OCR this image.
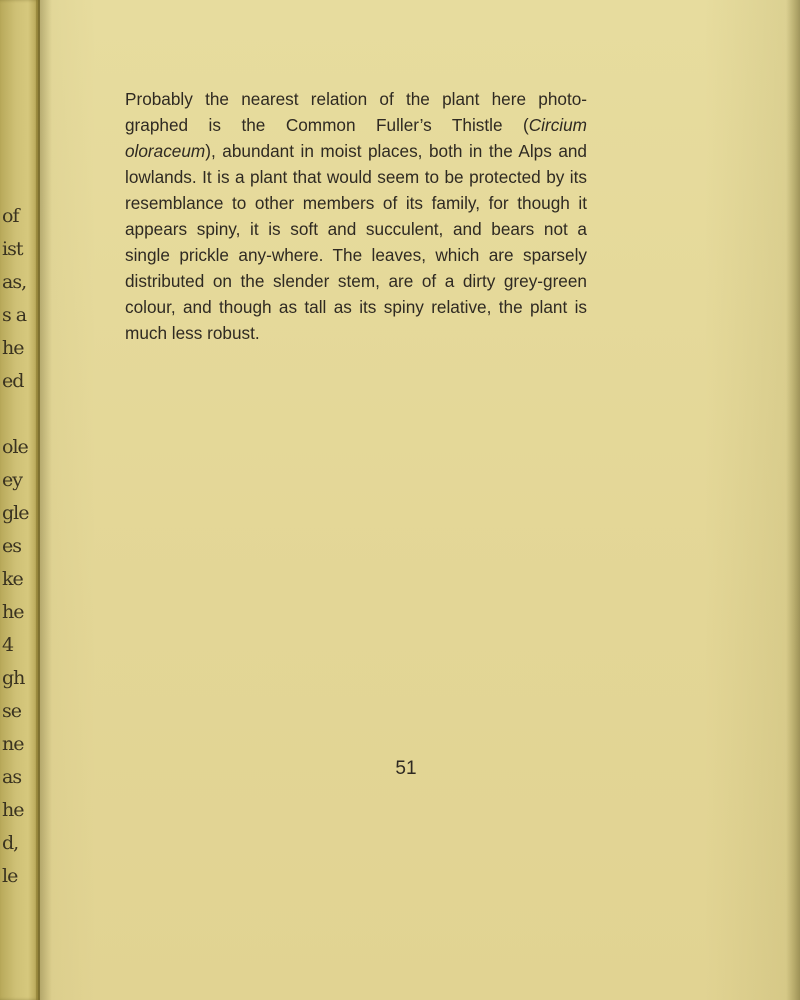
of
ist
as,
s a
he
ed
ole
ey
gle
es
ke
he
4
gh
se
ne
as
he
d,
le

Probably the nearest relation of the plant here photo-graphed is the Common Fuller’s Thistle (Circium oloraceum), abundant in moist places, both in the Alps and lowlands. It is a plant that would seem to be protected by its resemblance to other members of its family, for though it appears spiny, it is soft and succulent, and bears not a single prickle any-where. The leaves, which are sparsely distributed on the slender stem, are of a dirty grey-green colour, and though as tall as its spiny relative, the plant is much less robust.

51
